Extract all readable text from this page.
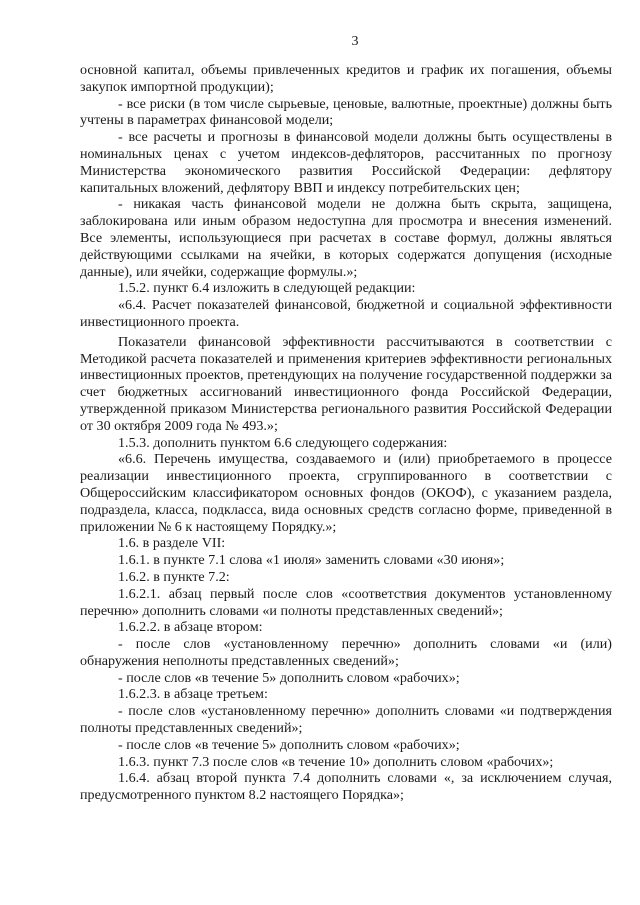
3

основной капитал, объемы привлеченных кредитов и график их погашения, объемы закупок импортной продукции);

- все риски (в том числе сырьевые, ценовые, валютные, проектные) должны быть учтены в параметрах финансовой модели;

- все расчеты и прогнозы в финансовой модели должны быть осуществлены в номинальных ценах с учетом индексов-дефляторов, рассчитанных по прогнозу Министерства экономического развития Российской Федерации: дефлятору капитальных вложений, дефлятору ВВП и индексу потребительских цен;

- никакая часть финансовой модели не должна быть скрыта, защищена, заблокирована или иным образом недоступна для просмотра и внесения изменений. Все элементы, использующиеся при расчетах в составе формул, должны являться действующими ссылками на ячейки, в которых содержатся допущения (исходные данные), или ячейки, содержащие формулы.»;

1.5.2. пункт 6.4 изложить в следующей редакции:

«6.4. Расчет показателей финансовой, бюджетной и социальной эффективности инвестиционного проекта.

Показатели финансовой эффективности рассчитываются в соответствии с Методикой расчета показателей и применения критериев эффективности региональных инвестиционных проектов, претендующих на получение государственной поддержки за счет бюджетных ассигнований инвестиционного фонда Российской Федерации, утвержденной приказом Министерства регионального развития Российской Федерации от 30 октября 2009 года № 493.»;

1.5.3. дополнить пунктом 6.6 следующего содержания:

«6.6. Перечень имущества, создаваемого и (или) приобретаемого в процессе реализации инвестиционного проекта, сгруппированного в соответствии с Общероссийским классификатором основных фондов (ОКОФ), с указанием раздела, подраздела, класса, подкласса, вида основных средств согласно форме, приведенной в приложении № 6 к настоящему Порядку.»;

1.6. в разделе VII:

1.6.1. в пункте 7.1 слова «1 июля» заменить словами «30 июня»;

1.6.2. в пункте 7.2:

1.6.2.1. абзац первый после слов «соответствия документов установленному перечню» дополнить словами «и полноты представленных сведений»;

1.6.2.2. в абзаце втором:

- после слов «установленному перечню» дополнить словами «и (или) обнаружения неполноты представленных сведений»;

- после слов «в течение 5» дополнить словом «рабочих»;

1.6.2.3. в абзаце третьем:

- после слов «установленному перечню» дополнить словами «и подтверждения полноты представленных сведений»;

- после слов «в течение 5» дополнить словом «рабочих»;

1.6.3. пункт 7.3 после слов «в течение 10» дополнить словом «рабочих»;

1.6.4. абзац второй пункта 7.4 дополнить словами «, за исключением случая, предусмотренного пунктом 8.2 настоящего Порядка»;
